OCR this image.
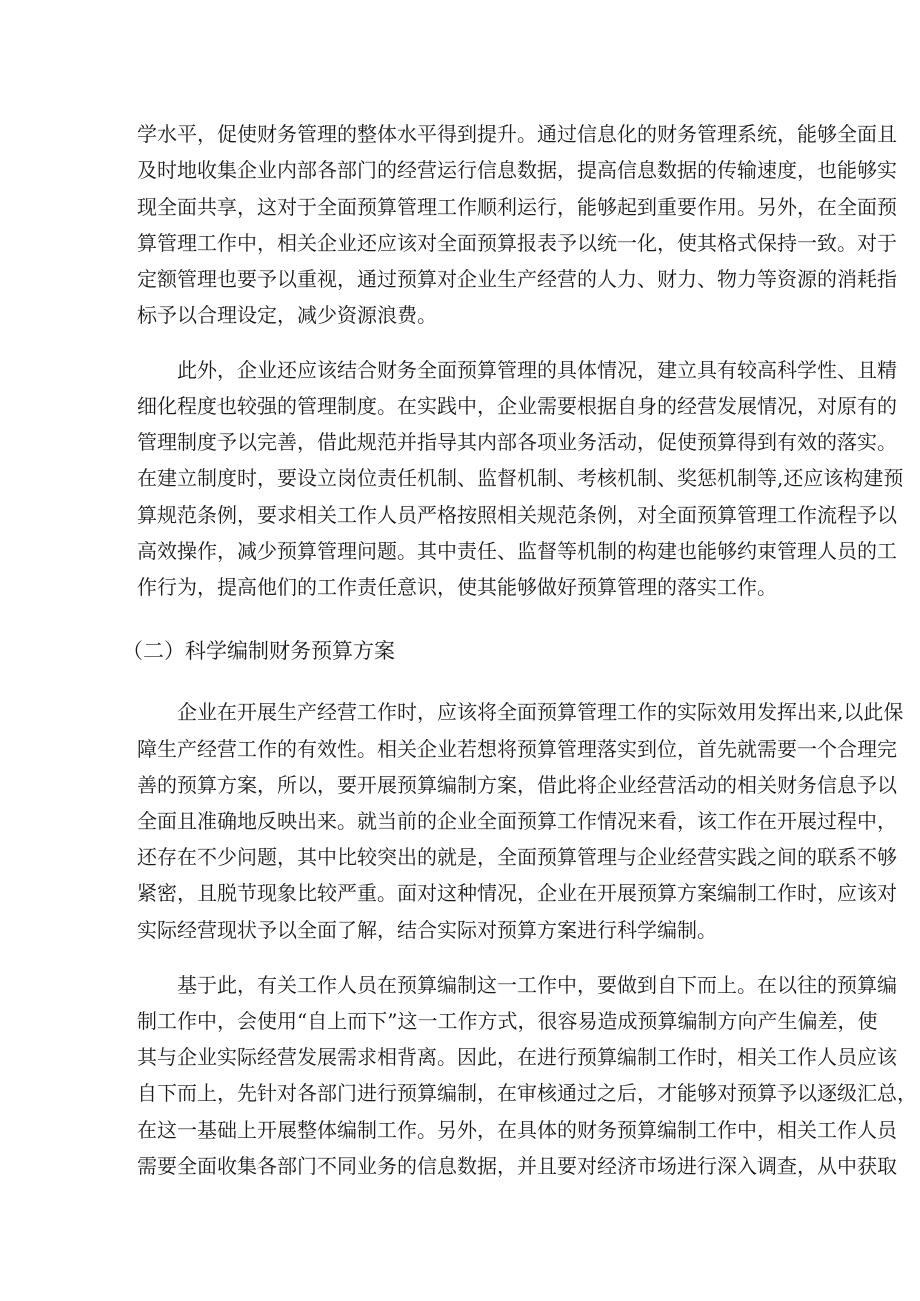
学水平，促使财务管理的整体水平得到提升。通过信息化的财务管理系统，能够全面且
及时地收集企业内部各部门的经营运行信息数据，提高信息数据的传输速度，也能够实
现全面共享，这对于全面预算管理工作顺利运行，能够起到重要作用。另外，在全面预
算管理工作中，相关企业还应该对全面预算报表予以统一化，使其格式保持一致。对于
定额管理也要予以重视，通过预算对企业生产经营的人力、财力、物力等资源的消耗指
标予以合理设定，减少资源浪费。
此外，企业还应该结合财务全面预算管理的具体情况，建立具有较高科学性、且精
细化程度也较强的管理制度。在实践中，企业需要根据自身的经营发展情况，对原有的
管理制度予以完善，借此规范并指导其内部各项业务活动，促使预算得到有效的落实。
在建立制度时，要设立岗位责任机制、监督机制、考核机制、奖惩机制等,还应该构建预
算规范条例，要求相关工作人员严格按照相关规范条例，对全面预算管理工作流程予以
高效操作，减少预算管理问题。其中责任、监督等机制的构建也能够约束管理人员的工
作行为，提高他们的工作责任意识，使其能够做好预算管理的落实工作。
（二）科学编制财务预算方案
企业在开展生产经营工作时，应该将全面预算管理工作的实际效用发挥出来,以此保
障生产经营工作的有效性。相关企业若想将预算管理落实到位，首先就需要一个合理完
善的预算方案，所以，要开展预算编制方案，借此将企业经营活动的相关财务信息予以
全面且准确地反映出来。就当前的企业全面预算工作情况来看，该工作在开展过程中，
还存在不少问题，其中比较突出的就是，全面预算管理与企业经营实践之间的联系不够
紧密，且脱节现象比较严重。面对这种情况，企业在开展预算方案编制工作时，应该对
实际经营现状予以全面了解，结合实际对预算方案进行科学编制。
基于此，有关工作人员在预算编制这一工作中，要做到自下而上。在以往的预算编
制工作中，会使用“自上而下”这一工作方式，很容易造成预算编制方向产生偏差，使
其与企业实际经营发展需求相背离。因此，在进行预算编制工作时，相关工作人员应该
自下而上，先针对各部门进行预算编制，在审核通过之后，才能够对预算予以逐级汇总，
在这一基础上开展整体编制工作。另外，在具体的财务预算编制工作中，相关工作人员
需要全面收集各部门不同业务的信息数据，并且要对经济市场进行深入调查，从中获取
